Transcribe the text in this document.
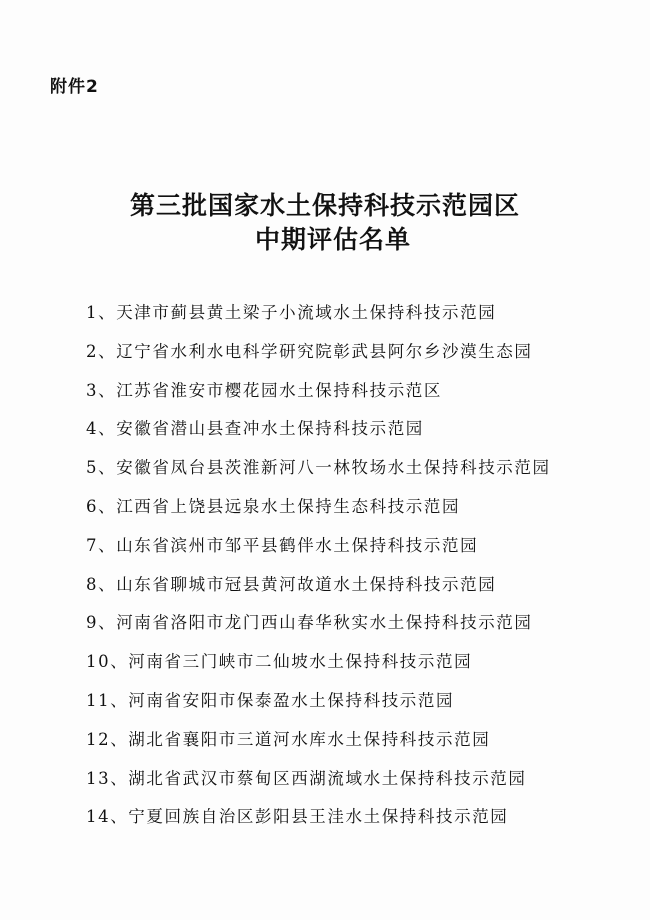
附件2
第三批国家水土保持科技示范园区
中期评估名单
1、天津市蓟县黄土梁子小流域水土保持科技示范园
2、辽宁省水利水电科学研究院彰武县阿尔乡沙漠生态园
3、江苏省淮安市樱花园水土保持科技示范区
4、安徽省潜山县查冲水土保持科技示范园
5、安徽省凤台县茨淮新河八一林牧场水土保持科技示范园
6、江西省上饶县远泉水土保持生态科技示范园
7、山东省滨州市邹平县鹤伴水土保持科技示范园
8、山东省聊城市冠县黄河故道水土保持科技示范园
9、河南省洛阳市龙门西山春华秋实水土保持科技示范园
10、河南省三门峡市二仙坡水土保持科技示范园
11、河南省安阳市保泰盈水土保持科技示范园
12、湖北省襄阳市三道河水库水土保持科技示范园
13、湖北省武汉市蔡甸区西湖流域水土保持科技示范园
14、宁夏回族自治区彭阳县王洼水土保持科技示范园
